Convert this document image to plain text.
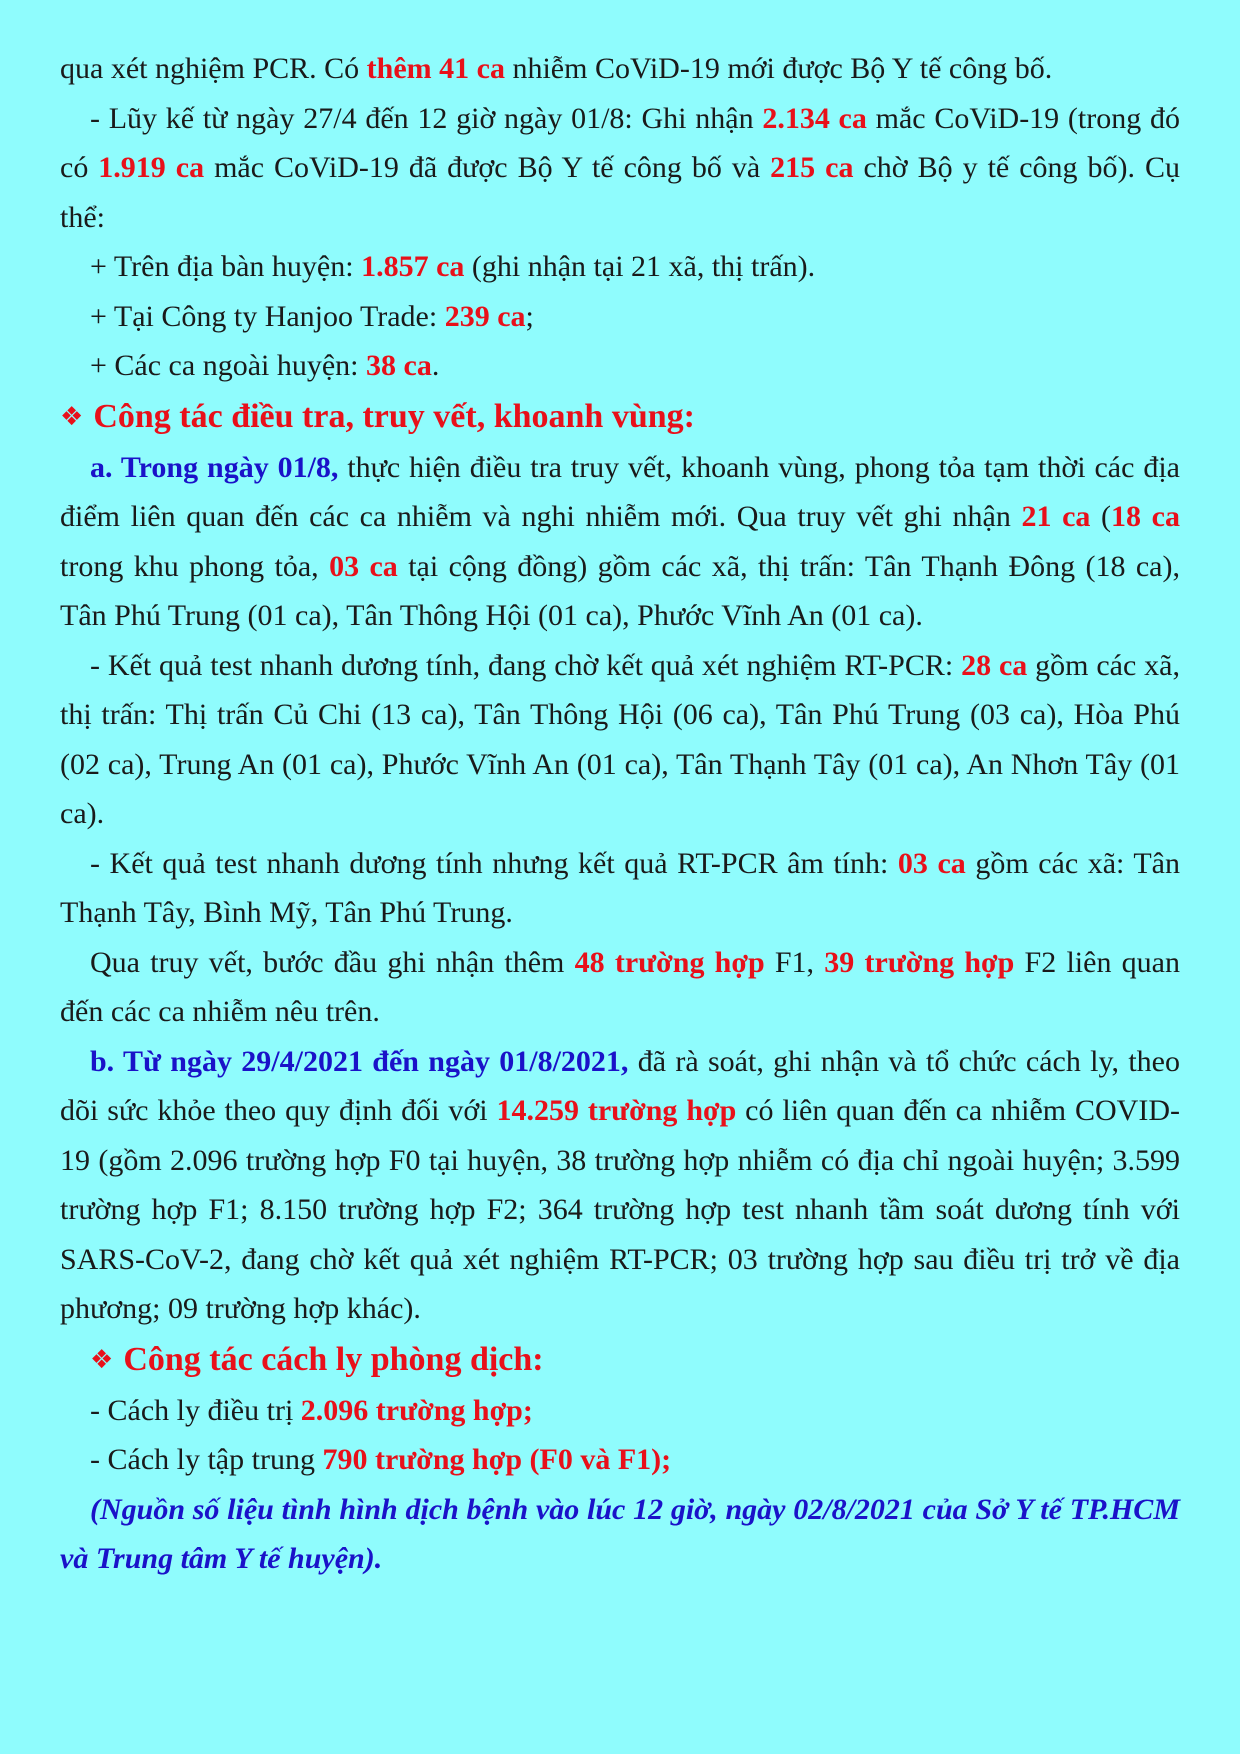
qua xét nghiệm PCR. Có thêm 41 ca nhiễm CoViD-19 mới được Bộ Y tế công bố.

- Lũy kế từ ngày 27/4 đến 12 giờ ngày 01/8: Ghi nhận 2.134 ca mắc CoViD-19 (trong đó có 1.919 ca mắc CoViD-19 đã được Bộ Y tế công bố và 215 ca chờ Bộ y tế công bố). Cụ thể:

+ Trên địa bàn huyện: 1.857 ca (ghi nhận tại 21 xã, thị trấn).

+ Tại Công ty Hanjoo Trade: 239 ca;

+ Các ca ngoài huyện: 38 ca.

❖ Công tác điều tra, truy vết, khoanh vùng:

a. Trong ngày 01/8, thực hiện điều tra truy vết, khoanh vùng, phong tỏa tạm thời các địa điểm liên quan đến các ca nhiễm và nghi nhiễm mới. Qua truy vết ghi nhận 21 ca (18 ca trong khu phong tỏa, 03 ca tại cộng đồng) gồm các xã, thị trấn: Tân Thạnh Đông (18 ca), Tân Phú Trung (01 ca), Tân Thông Hội (01 ca), Phước Vĩnh An (01 ca).

- Kết quả test nhanh dương tính, đang chờ kết quả xét nghiệm RT-PCR: 28 ca gồm các xã, thị trấn: Thị trấn Củ Chi (13 ca), Tân Thông Hội (06 ca), Tân Phú Trung (03 ca), Hòa Phú (02 ca), Trung An (01 ca), Phước Vĩnh An (01 ca), Tân Thạnh Tây (01 ca), An Nhơn Tây (01 ca).

- Kết quả test nhanh dương tính nhưng kết quả RT-PCR âm tính: 03 ca gồm các xã: Tân Thạnh Tây, Bình Mỹ, Tân Phú Trung.

Qua truy vết, bước đầu ghi nhận thêm 48 trường hợp F1, 39 trường hợp F2 liên quan đến các ca nhiễm nêu trên.

b. Từ ngày 29/4/2021 đến ngày 01/8/2021, đã rà soát, ghi nhận và tổ chức cách ly, theo dõi sức khỏe theo quy định đối với 14.259 trường hợp có liên quan đến ca nhiễm COVID-19 (gồm 2.096 trường hợp F0 tại huyện, 38 trường hợp nhiễm có địa chỉ ngoài huyện; 3.599 trường hợp F1; 8.150 trường hợp F2; 364 trường hợp test nhanh tầm soát dương tính với SARS-CoV-2, đang chờ kết quả xét nghiệm RT-PCR; 03 trường hợp sau điều trị trở về địa phương; 09 trường hợp khác).

❖ Công tác cách ly phòng dịch:

- Cách ly điều trị 2.096 trường hợp;

- Cách ly tập trung 790 trường hợp (F0 và F1);

(Nguồn số liệu tình hình dịch bệnh vào lúc 12 giờ, ngày 02/8/2021 của Sở Y tế TP.HCM và Trung tâm Y tế huyện).
